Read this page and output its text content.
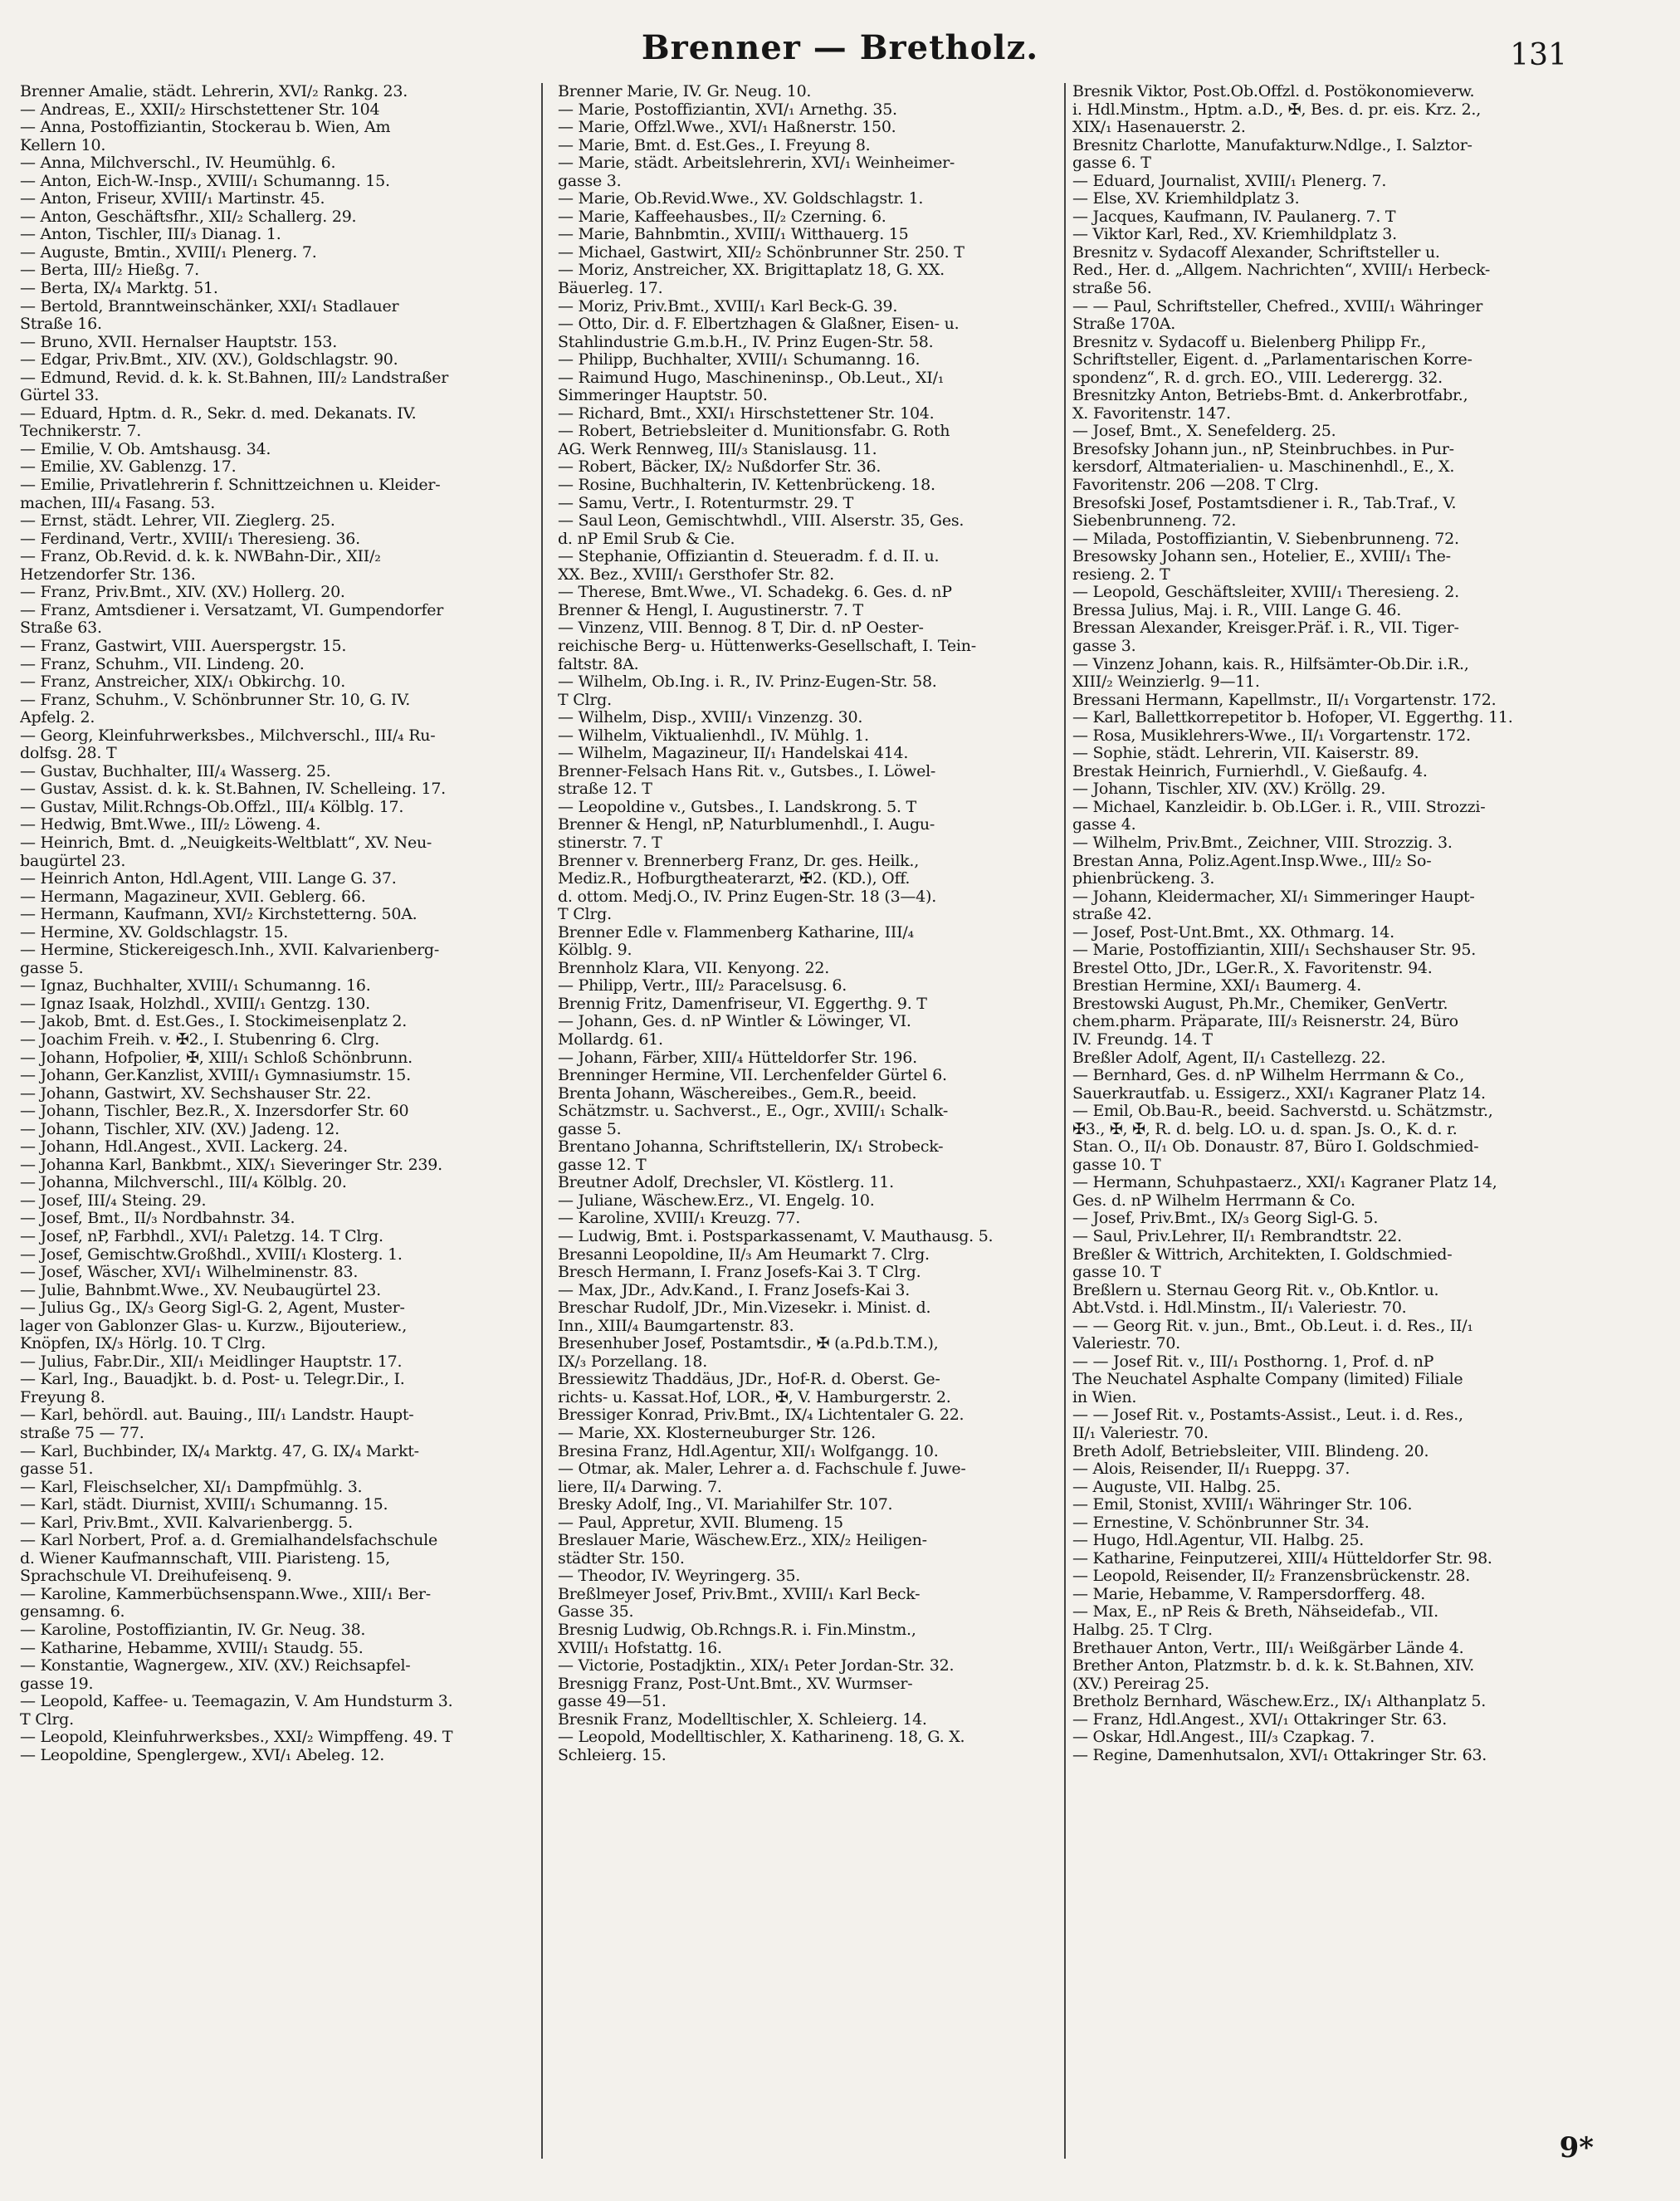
Brenner — Bretholz.	131
Brenner Amalie, städt. Lehrerin, XVI/₂ Rankg. 23.
— Andreas, E., XXII/₂ Hirschstettener Str. 104
— Anna, Postoffiziantin, Stockerau b. Wien, Am
Kellern 10.
— Anna, Milchverschl., IV. Heumühlg. 6.
— Anton, Eich-W.-Insp., XVIII/₁ Schumanng. 15.
— Anton, Friseur, XVIII/₁ Martinstr. 45.
— Anton, Geschäftsfhr., XII/₂ Schallerg. 29.
— Anton, Tischler, III/₃ Dianag. 1.
— Auguste, Bmtin., XVIII/₁ Plenerg. 7.
— Berta, III/₂ Hießg. 7.
— Berta, IX/₄ Marktg. 51.
— Bertold, Branntweinschänker, XXI/₁ Stadlauer
Straße 16.
— Bruno, XVII. Hernalser Hauptstr. 153.
— Edgar, Priv.Bmt., XIV. (XV.), Goldschlagstr. 90.
— Edmund, Revid. d. k. k. St.Bahnen, III/₂ Landstraßer
Gürtel 33.
— Eduard, Hptm. d. R., Sekr. d. med. Dekanats. IV.
Technikerstr. 7.
— Emilie, V. Ob. Amtshausg. 34.
— Emilie, XV. Gablenzg. 17.
— Emilie, Privatlehrerin f. Schnittzeichnen u. Kleider-
machen, III/₄ Fasang. 53.
— Ernst, städt. Lehrer, VII. Zieglerg. 25.
— Ferdinand, Vertr., XVIII/₁ Theresieng. 36.
— Franz, Ob.Revid. d. k. k. NWBahn-Dir., XII/₂
Hetzendorfer Str. 136.
— Franz, Priv.Bmt., XIV. (XV.) Hollerg. 20.
— Franz, Amtsdiener i. Versatzamt, VI. Gumpendorfer
Straße 63.
— Franz, Gastwirt, VIII. Auerspergstr. 15.
— Franz, Schuhm., VII. Lindeng. 20.
— Franz, Anstreicher, XIX/₁ Obkirchg. 10.
— Franz, Schuhm., V. Schönbrunner Str. 10, G. IV.
Apfelg. 2.
— Georg, Kleinfuhrwerksbes., Milchverschl., III/₄ Ru-
dolfsg. 28. T
— Gustav, Buchhalter, III/₄ Wasserg. 25.
— Gustav, Assist. d. k. k. St.Bahnen, IV. Schelleing. 17.
— Gustav, Milit.Rchngs-Ob.Offzl., III/₄ Kölblg. 17.
— Hedwig, Bmt.Wwe., III/₂ Löweng. 4.
— Heinrich, Bmt. d. „Neuigkeits-Weltblatt“, XV. Neu-
baugürtel 23.
— Heinrich Anton, Hdl.Agent, VIII. Lange G. 37.
— Hermann, Magazineur, XVII. Geblerg. 66.
— Hermann, Kaufmann, XVI/₂ Kirchstetterng. 50A.
— Hermine, XV. Goldschlagstr. 15.
— Hermine, Stickereigesch.Inh., XVII. Kalvarienberg-
gasse 5.
— Ignaz, Buchhalter, XVIII/₁ Schumanng. 16.
— Ignaz Isaak, Holzhdl., XVIII/₁ Gentzg. 130.
— Jakob, Bmt. d. Est.Ges., I. Stockimeisenplatz 2.
— Joachim Freih. v. ✠2., I. Stubenring 6. Clrg.
— Johann, Hofpolier, ✠, XIII/₁ Schloß Schönbrunn.
— Johann, Ger.Kanzlist, XVIII/₁ Gymnasiumstr. 15.
— Johann, Gastwirt, XV. Sechshauser Str. 22.
— Johann, Tischler, Bez.R., X. Inzersdorfer Str. 60
— Johann, Tischler, XIV. (XV.) Jadeng. 12.
— Johann, Hdl.Angest., XVII. Lackerg. 24.
— Johanna Karl, Bankbmt., XIX/₁ Sieveringer Str. 239.
— Johanna, Milchverschl., III/₄ Kölblg. 20.
— Josef, III/₄ Steing. 29.
— Josef, Bmt., II/₃ Nordbahnstr. 34.
— Josef, nP, Farbhdl., XVI/₁ Paletzg. 14. T Clrg.
— Josef, Gemischtw.Großhdl., XVIII/₁ Klosterg. 1.
— Josef, Wäscher, XVI/₁ Wilhelminenstr. 83.
— Julie, Bahnbmt.Wwe., XV. Neubaugürtel 23.
— Julius Gg., IX/₃ Georg Sigl-G. 2, Agent, Muster-
lager von Gablonzer Glas- u. Kurzw., Bijouteriew.,
Knöpfen, IX/₃ Hörlg. 10. T Clrg.
— Julius, Fabr.Dir., XII/₁ Meidlinger Hauptstr. 17.
— Karl, Ing., Bauadjkt. b. d. Post- u. Telegr.Dir., I.
Freyung 8.
— Karl, behördl. aut. Bauing., III/₁ Landstr. Haupt-
straße 75 — 77.
— Karl, Buchbinder, IX/₄ Marktg. 47, G. IX/₄ Markt-
gasse 51.
— Karl, Fleischselcher, XI/₁ Dampfmühlg. 3.
— Karl, städt. Diurnist, XVIII/₁ Schumanng. 15.
— Karl, Priv.Bmt., XVII. Kalvarienbergg. 5.
— Karl Norbert, Prof. a. d. Gremialhandelsfachschule
d. Wiener Kaufmannschaft, VIII. Piaristeng. 15,
Sprachschule VI. Dreihufeisenq. 9.
— Karoline, Kammerbüchsenspann.Wwe., XIII/₁ Ber-
gensamng. 6.
— Karoline, Postoffiziantin, IV. Gr. Neug. 38.
— Katharine, Hebamme, XVIII/₁ Staudg. 55.
— Konstantie, Wagnergew., XIV. (XV.) Reichsapfel-
gasse 19.
— Leopold, Kaffee- u. Teemagazin, V. Am Hundsturm 3.
T Clrg.
— Leopold, Kleinfuhrwerksbes., XXI/₂ Wimpffeng. 49. T
— Leopoldine, Spenglergew., XVI/₁ Abeleg. 12.
Brenner Marie, IV. Gr. Neug. 10.
— Marie, Postoffiziantin, XVI/₁ Arnethg. 35.
— Marie, Offzl.Wwe., XVI/₁ Haßnerstr. 150.
— Marie, Bmt. d. Est.Ges., I. Freyung 8.
— Marie, städt. Arbeitslehrerin, XVI/₁ Weinheimer-
gasse 3.
— Marie, Ob.Revid.Wwe., XV. Goldschlagstr. 1.
— Marie, Kaffeehausbes., II/₂ Czerning. 6.
— Marie, Bahnbmtin., XVIII/₁ Witthauerg. 15
— Michael, Gastwirt, XII/₂ Schönbrunner Str. 250. T
— Moriz, Anstreicher, XX. Brigittaplatz 18, G. XX.
Bäuerleg. 17.
— Moriz, Priv.Bmt., XVIII/₁ Karl Beck-G. 39.
— Otto, Dir. d. F. Elbertzhagen & Glaßner, Eisen- u.
Stahlindustrie G.m.b.H., IV. Prinz Eugen-Str. 58.
— Philipp, Buchhalter, XVIII/₁ Schumanng. 16.
— Raimund Hugo, Maschineninsp., Ob.Leut., XI/₁
Simmeringer Hauptstr. 50.
— Richard, Bmt., XXI/₁ Hirschstettener Str. 104.
— Robert, Betriebsleiter d. Munitionsfabr. G. Roth
AG. Werk Rennweg, III/₃ Stanislausg. 11.
— Robert, Bäcker, IX/₂ Nußdorfer Str. 36.
— Rosine, Buchhalterin, IV. Kettenbrückeng. 18.
— Samu, Vertr., I. Rotenturmstr. 29. T
— Saul Leon, Gemischtwhdl., VIII. Alserstr. 35, Ges.
d. nP Emil Srub & Cie.
— Stephanie, Offiziantin d. Steueradm. f. d. II. u.
XX. Bez., XVIII/₁ Gersthofer Str. 82.
— Therese, Bmt.Wwe., VI. Schadekg. 6. Ges. d. nP
Brenner & Hengl, I. Augustinerstr. 7. T
— Vinzenz, VIII. Bennog. 8 T, Dir. d. nP Oester-
reichische Berg- u. Hüttenwerks-Gesellschaft, I. Tein-
faltstr. 8A.
— Wilhelm, Ob.Ing. i. R., IV. Prinz-Eugen-Str. 58.
T Clrg.
— Wilhelm, Disp., XVIII/₁ Vinzenzg. 30.
— Wilhelm, Viktualienhdl., IV. Mühlg. 1.
— Wilhelm, Magazineur, II/₁ Handelskai 414.
Brenner-Felsach Hans Rit. v., Gutsbes., I. Löwel-
straße 12. T
— Leopoldine v., Gutsbes., I. Landskrong. 5. T
Brenner & Hengl, nP, Naturblumenhdl., I. Augu-
stinerstr. 7. T
Brenner v. Brennerberg Franz, Dr. ges. Heilk.,
Mediz.R., Hofburgtheaterarzt, ✠2. (KD.), Off.
d. ottom. Medj.O., IV. Prinz Eugen-Str. 18 (3—4).
T Clrg.
Brenner Edle v. Flammenberg Katharine, III/₄
Kölblg. 9.
Brennholz Klara, VII. Kenyong. 22.
— Philipp, Vertr., III/₂ Paracelsusg. 6.
Brennig Fritz, Damenfriseur, VI. Eggerthg. 9. T
— Johann, Ges. d. nP Wintler & Löwinger, VI.
Mollardg. 61.
— Johann, Färber, XIII/₄ Hütteldorfer Str. 196.
Brenninger Hermine, VII. Lerchenfelder Gürtel 6.
Brenta Johann, Wäschereibes., Gem.R., beeid.
Schätzmstr. u. Sachverst., E., Ogr., XVIII/₁ Schalk-
gasse 5.
Brentano Johanna, Schriftstellerin, IX/₁ Strobeck-
gasse 12. T
Breutner Adolf, Drechsler, VI. Köstlerg. 11.
— Juliane, Wäschew.Erz., VI. Engelg. 10.
— Karoline, XVIII/₁ Kreuzg. 77.
— Ludwig, Bmt. i. Postsparkassenamt, V. Mauthausg. 5.
Bresanni Leopoldine, II/₃ Am Heumarkt 7. Clrg.
Bresch Hermann, I. Franz Josefs-Kai 3. T Clrg.
— Max, JDr., Adv.Kand., I. Franz Josefs-Kai 3.
Breschar Rudolf, JDr., Min.Vizesekr. i. Minist. d.
Inn., XIII/₄ Baumgartenstr. 83.
Bresenhuber Josef, Postamtsdir., ✠ (a.Pd.b.T.M.),
IX/₃ Porzellang. 18.
Bressiewitz Thaddäus, JDr., Hof-R. d. Oberst. Ge-
richts- u. Kassat.Hof, LOR., ✠, V. Hamburgerstr. 2.
Bressiger Konrad, Priv.Bmt., IX/₄ Lichtentaler G. 22.
— Marie, XX. Klosterneuburger Str. 126.
Bresina Franz, Hdl.Agentur, XII/₁ Wolfgangg. 10.
— Otmar, ak. Maler, Lehrer a. d. Fachschule f. Juwe-
liere, II/₄ Darwing. 7.
Bresky Adolf, Ing., VI. Mariahilfer Str. 107.
— Paul, Appretur, XVII. Blumeng. 15
Breslauer Marie, Wäschew.Erz., XIX/₂ Heiligen-
städter Str. 150.
— Theodor, IV. Weyringerg. 35.
Breßlmeyer Josef, Priv.Bmt., XVIII/₁ Karl Beck-
Gasse 35.
Bresnig Ludwig, Ob.Rchngs.R. i. Fin.Minstm.,
XVIII/₁ Hofstattg. 16.
— Victorie, Postadjktin., XIX/₁ Peter Jordan-Str. 32.
Bresnigg Franz, Post-Unt.Bmt., XV. Wurmser-
gasse 49—51.
Bresnik Franz, Modelltischler, X. Schleierg. 14.
— Leopold, Modelltischler, X. Katharineng. 18, G. X.
Schleierg. 15.
Bresnik Viktor, Post.Ob.Offzl. d. Postökonomieverw.
i. Hdl.Minstm., Hptm. a.D., ✠, Bes. d. pr. eis. Krz. 2.,
XIX/₁ Hasenauerstr. 2.
Bresnitz Charlotte, Manufakturw.Ndlge., I. Salztor-
gasse 6. T
— Eduard, Journalist, XVIII/₁ Plenerg. 7.
— Else, XV. Kriemhildplatz 3.
— Jacques, Kaufmann, IV. Paulanerg. 7. T
— Viktor Karl, Red., XV. Kriemhildplatz 3.
Bresnitz v. Sydacoff Alexander, Schriftsteller u.
Red., Her. d. „Allgem. Nachrichten“, XVIII/₁ Herbeck-
straße 56.
— — Paul, Schriftsteller, Chefred., XVIII/₁ Währinger
Straße 170A.
Bresnitz v. Sydacoff u. Bielenberg Philipp Fr.,
Schriftsteller, Eigent. d. „Parlamentarischen Korre-
spondenz“, R. d. grch. EO., VIII. Lederergg. 32.
Bresnitzky Anton, Betriebs-Bmt. d. Ankerbrotfabr.,
X. Favoritenstr. 147.
— Josef, Bmt., X. Senefelderg. 25.
Bresofsky Johann jun., nP, Steinbruchbes. in Pur-
kersdorf, Altmaterialien- u. Maschinenhdl., E., X.
Favoritenstr. 206 —208. T Clrg.
Bresofski Josef, Postamtsdiener i. R., Tab.Traf., V.
Siebenbrunneng. 72.
— Milada, Postoffiziantin, V. Siebenbrunneng. 72.
Bresowsky Johann sen., Hotelier, E., XVIII/₁ The-
resieng. 2. T
— Leopold, Geschäftsleiter, XVIII/₁ Theresieng. 2.
Bressa Julius, Maj. i. R., VIII. Lange G. 46.
Bressan Alexander, Kreisger.Präf. i. R., VII. Tiger-
gasse 3.
— Vinzenz Johann, kais. R., Hilfsämter-Ob.Dir. i.R.,
XIII/₂ Weinzierlg. 9—11.
Bressani Hermann, Kapellmstr., II/₁ Vorgartenstr. 172.
— Karl, Ballettkorrepetitor b. Hofoper, VI. Eggerthg. 11.
— Rosa, Musiklehrers-Wwe., II/₁ Vorgartenstr. 172.
— Sophie, städt. Lehrerin, VII. Kaiserstr. 89.
Brestak Heinrich, Furnierhdl., V. Gießaufg. 4.
— Johann, Tischler, XIV. (XV.) Kröllg. 29.
— Michael, Kanzleidir. b. Ob.LGer. i. R., VIII. Strozzi-
gasse 4.
— Wilhelm, Priv.Bmt., Zeichner, VIII. Strozzig. 3.
Brestan Anna, Poliz.Agent.Insp.Wwe., III/₂ So-
phienbrückeng. 3.
— Johann, Kleidermacher, XI/₁ Simmeringer Haupt-
straße 42.
— Josef, Post-Unt.Bmt., XX. Othmarg. 14.
— Marie, Postoffiziantin, XIII/₁ Sechshauser Str. 95.
Brestel Otto, JDr., LGer.R., X. Favoritenstr. 94.
Brestian Hermine, XXI/₁ Baumerg. 4.
Brestowski August, Ph.Mr., Chemiker, GenVertr.
chem.pharm. Präparate, III/₃ Reisnerstr. 24, Büro
IV. Freundg. 14. T
Breßler Adolf, Agent, II/₁ Castellezg. 22.
— Bernhard, Ges. d. nP Wilhelm Herrmann & Co.,
Sauerkrautfab. u. Essigerz., XXI/₁ Kagraner Platz 14.
— Emil, Ob.Bau-R., beeid. Sachverstd. u. Schätzmstr.,
✠3., ✠, ✠, R. d. belg. LO. u. d. span. Js. O., K. d. r.
Stan. O., II/₁ Ob. Donaustr. 87, Büro I. Goldschmied-
gasse 10. T
— Hermann, Schuhpastaerz., XXI/₁ Kagraner Platz 14,
Ges. d. nP Wilhelm Herrmann & Co.
— Josef, Priv.Bmt., IX/₃ Georg Sigl-G. 5.
— Saul, Priv.Lehrer, II/₁ Rembrandtstr. 22.
Breßler & Wittrich, Architekten, I. Goldschmied-
gasse 10. T
Breßlern u. Sternau Georg Rit. v., Ob.Kntlor. u.
Abt.Vstd. i. Hdl.Minstm., II/₁ Valeriestr. 70.
— — Georg Rit. v. jun., Bmt., Ob.Leut. i. d. Res., II/₁
Valeriestr. 70.
— — Josef Rit. v., III/₁ Posthorng. 1, Prof. d. nP
The Neuchatel Asphalte Company (limited) Filiale
in Wien.
— — Josef Rit. v., Postamts-Assist., Leut. i. d. Res.,
II/₁ Valeriestr. 70.
Breth Adolf, Betriebsleiter, VIII. Blindeng. 20.
— Alois, Reisender, II/₁ Rueppg. 37.
— Auguste, VII. Halbg. 25.
— Emil, Stonist, XVIII/₁ Währinger Str. 106.
— Ernestine, V. Schönbrunner Str. 34.
— Hugo, Hdl.Agentur, VII. Halbg. 25.
— Katharine, Feinputzerei, XIII/₄ Hütteldorfer Str. 98.
— Leopold, Reisender, II/₂ Franzensbrückenstr. 28.
— Marie, Hebamme, V. Rampersdorfferg. 48.
— Max, E., nP Reis & Breth, Nähseidefab., VII.
Halbg. 25. T Clrg.
Brethauer Anton, Vertr., III/₁ Weißgärber Lände 4.
Brether Anton, Platzmstr. b. d. k. k. St.Bahnen, XIV.
(XV.) Pereirag 25.
Bretholz Bernhard, Wäschew.Erz., IX/₁ Althanplatz 5.
— Franz, Hdl.Angest., XVI/₁ Ottakringer Str. 63.
— Oskar, Hdl.Angest., III/₃ Czapkag. 7.
— Regine, Damenhutsalon, XVI/₁ Ottakringer Str. 63.
9*
